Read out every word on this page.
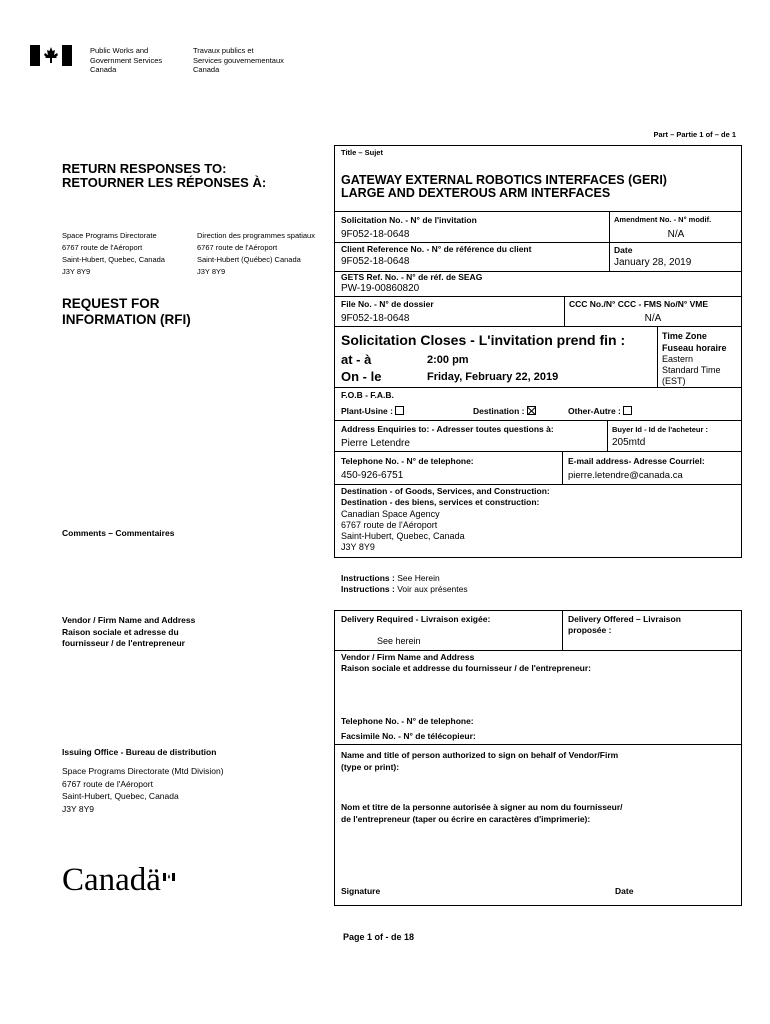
Public Works and
Government Services
Canada
Travaux publics et
Services gouvernementaux
Canada
Part – Partie 1 of – de 1
RETURN RESPONSES TO:
RETOURNER LES RÉPONSES À:
Space Programs Directorate
6767 route de l'Aéroport
Saint-Hubert, Quebec, Canada
J3Y 8Y9
Direction des programmes spatiaux
6767 route de l'Aéroport
Saint-Hubert (Québec) Canada
J3Y 8Y9
REQUEST FOR
INFORMATION (RFI)
Comments – Commentaires
Vendor / Firm Name and Address
Raison sociale et adresse du
fournisseur / de l'entrepreneur
Issuing Office - Bureau de distribution
Space Programs Directorate (Mtd Division)
6767 route de l'Aéroport
Saint-Hubert, Quebec, Canada
J3Y 8Y9
Canadä
Title – Sujet
GATEWAY EXTERNAL ROBOTICS INTERFACES (GERI)
LARGE AND DEXTEROUS ARM INTERFACES
Solicitation No. - N° de l'invitation
9F052-18-0648
Amendment No. - N° modif.
N/A
Client Reference No. - N° de référence du client
9F052-18-0648
Date
January 28, 2019
GETS Ref. No. - N° de réf. de SEAG
PW-19-00860820
File No. - N° de dossier
9F052-18-0648
CCC No./N° CCC - FMS No/N° VME
N/A
Solicitation Closes - L'invitation prend fin :
at - à	2:00 pm
On - le	Friday, February 22, 2019
Time Zone
Fuseau horaire
Eastern
Standard Time
(EST)
F.O.B - F.A.B.
Plant-Usine :	Destination :	Other-Autre :
Address Enquiries to: - Adresser toutes questions à:
Pierre Letendre
Buyer Id - Id de l'acheteur :
205mtd
Telephone No. - N° de telephone:
450-926-6751
E-mail address- Adresse Courriel:
pierre.letendre@canada.ca
Destination - of Goods, Services, and Construction:
Destination - des biens, services et construction:
Canadian Space Agency
6767 route de l'Aéroport
Saint-Hubert, Quebec, Canada
J3Y 8Y9
Instructions : See Herein
Instructions : Voir aux présentes
Delivery Required - Livraison exigée:
See herein
Delivery Offered – Livraison
proposée :
Vendor / Firm Name and Address
Raison sociale et addresse du fournisseur / de l'entrepreneur:
Telephone No. - N° de telephone:
Facsimile No. - N° de télécopieur:
Name and title of person authorized to sign on behalf of Vendor/Firm
(type or print):
Nom et titre de la personne autorisée à signer au nom du fournisseur/
de l'entrepreneur (taper ou écrire en caractères d'imprimerie):
Signature	Date
Page 1 of - de 18
